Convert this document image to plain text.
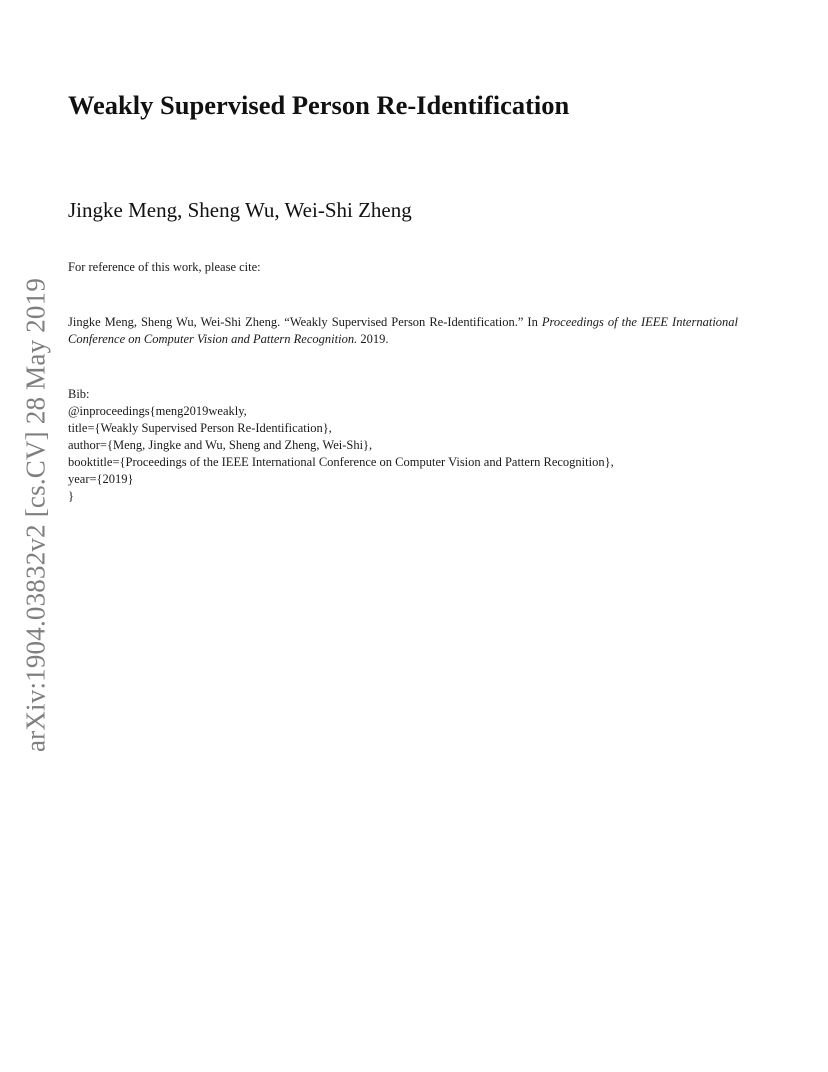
arXiv:1904.03832v2 [cs.CV] 28 May 2019
Weakly Supervised Person Re-Identification

Jingke Meng, Sheng Wu, Wei-Shi Zheng

For reference of this work, please cite:

Jingke Meng, Sheng Wu, Wei-Shi Zheng. “Weakly Supervised Person Re-Identification.” In Proceedings of the IEEE International Conference on Computer Vision and Pattern Recognition. 2019.

Bib:
@inproceedings{meng2019weakly,
title={Weakly Supervised Person Re-Identification},
author={Meng, Jingke and Wu, Sheng and Zheng, Wei-Shi},
booktitle={Proceedings of the IEEE International Conference on Computer Vision and Pattern Recognition},
year={2019}
}
